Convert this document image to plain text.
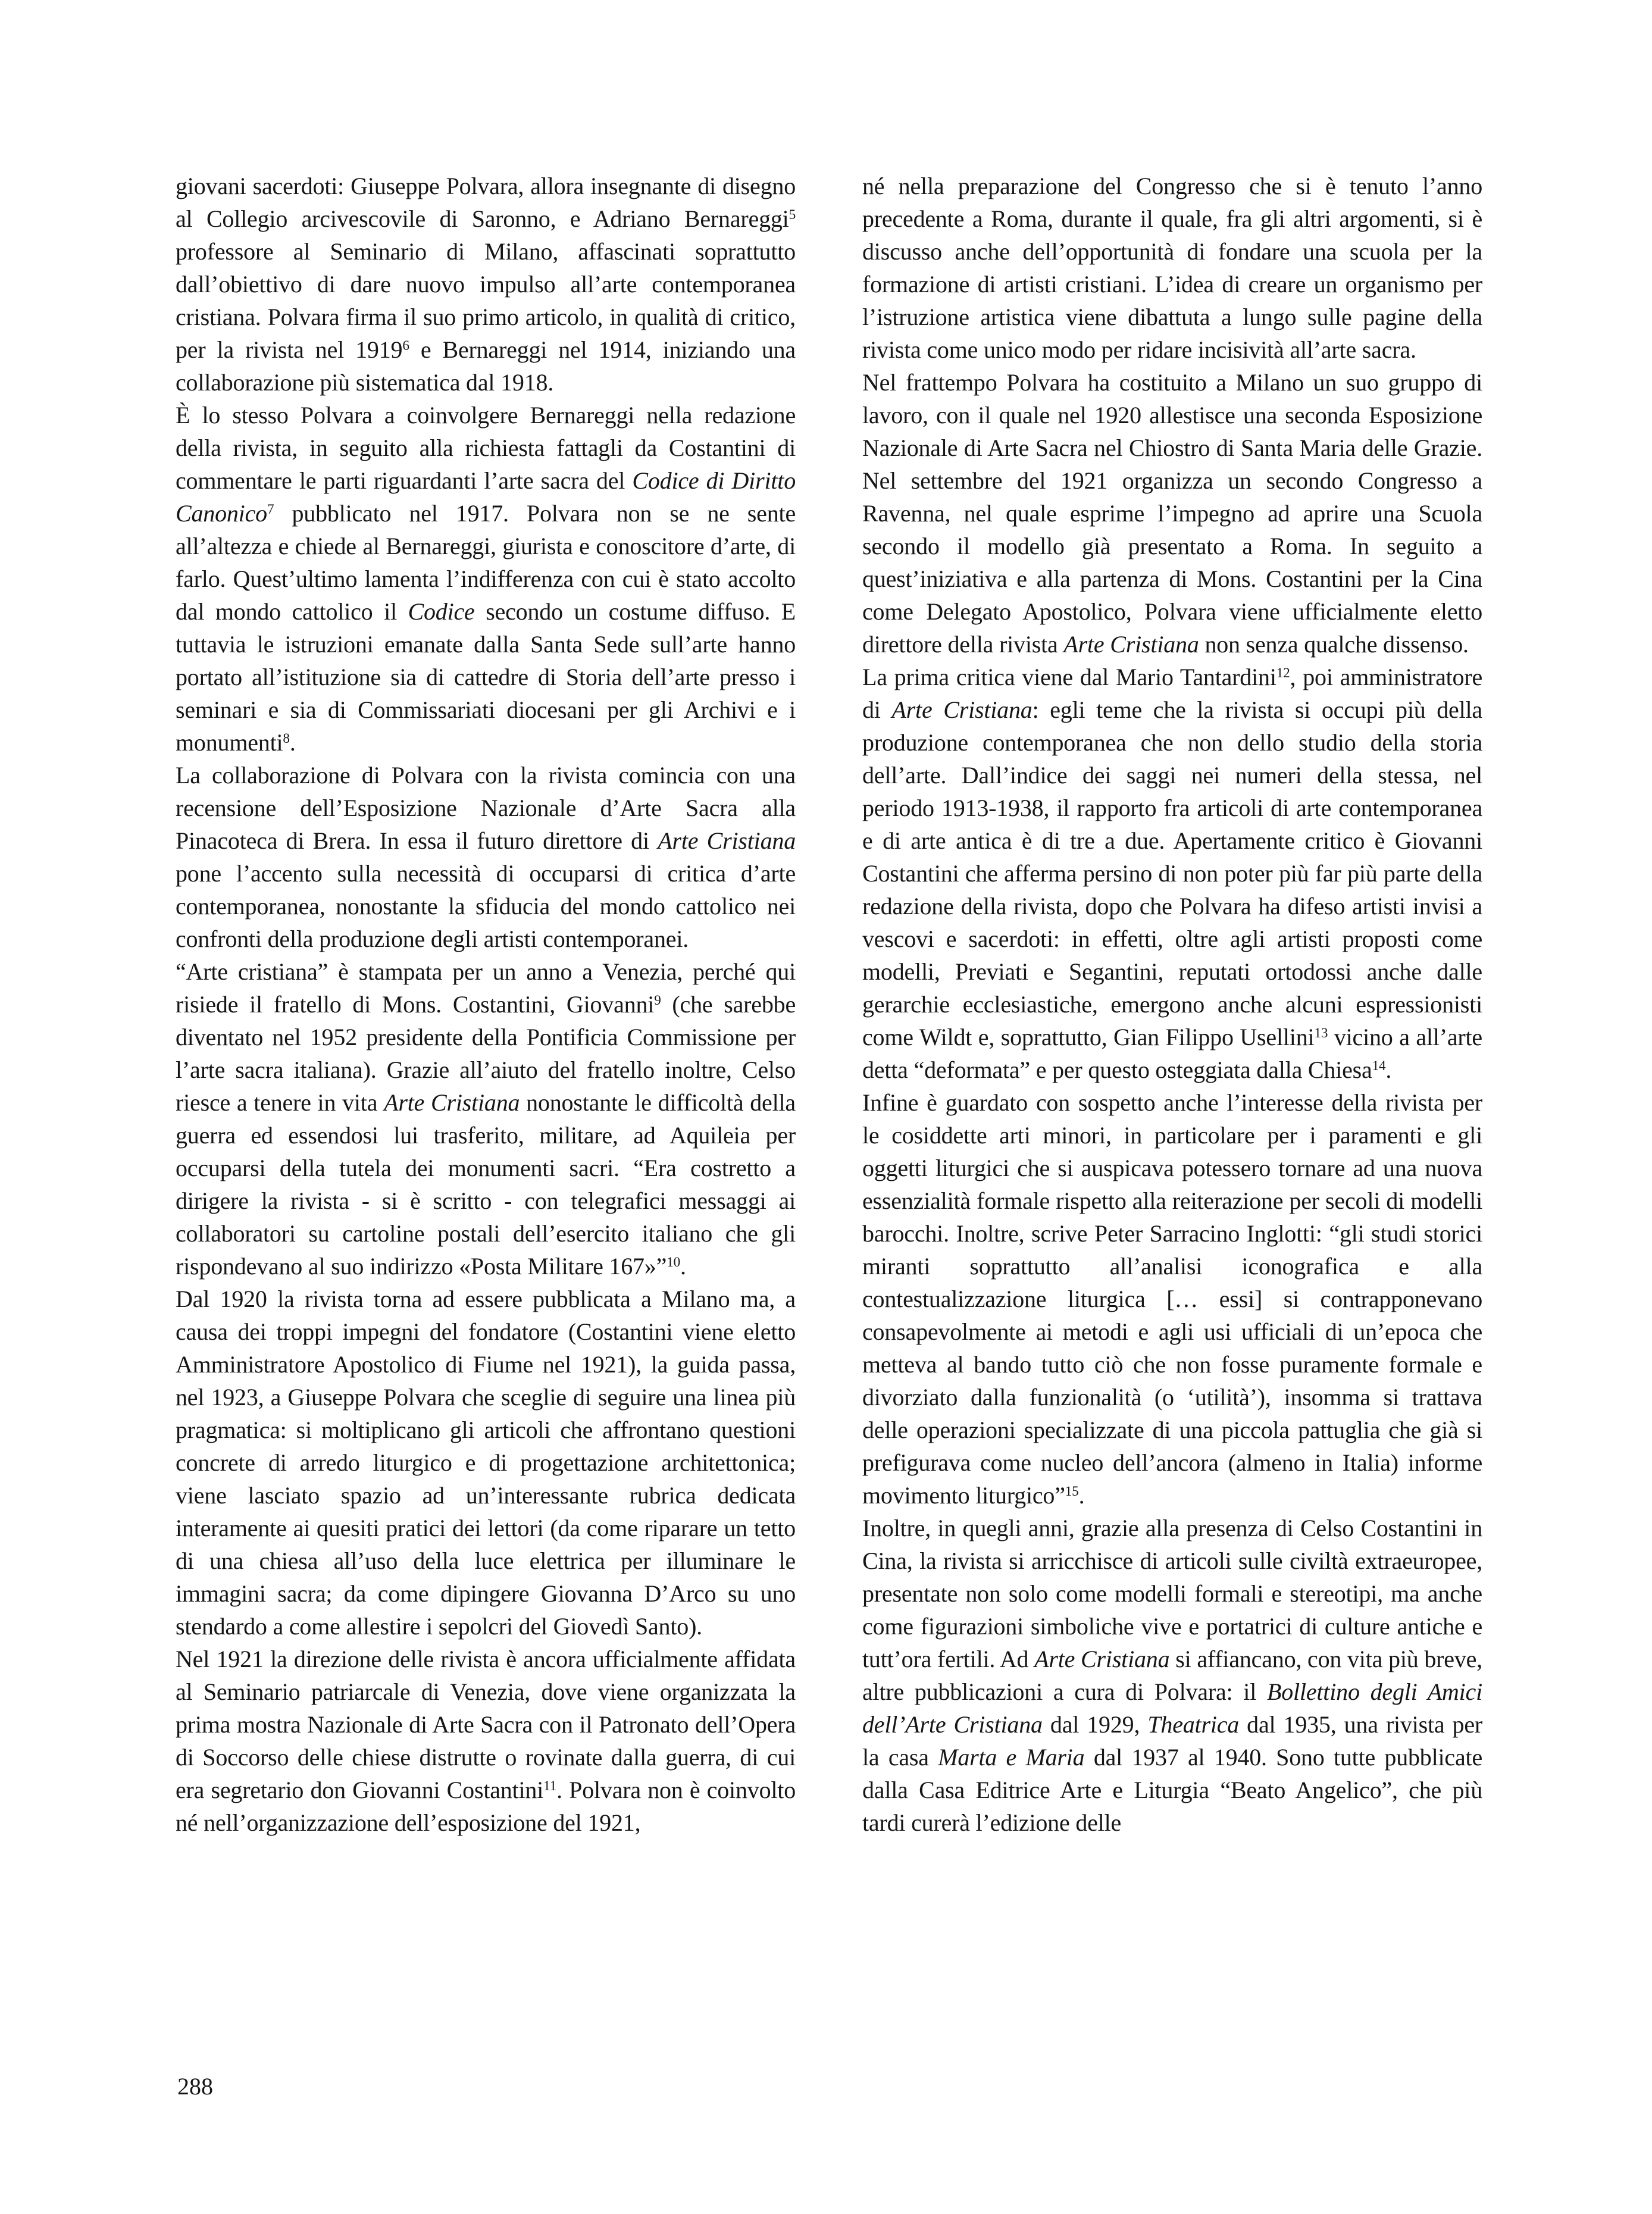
giovani sacerdoti: Giuseppe Polvara, allora insegnante di disegno al Collegio arcivescovile di Saronno, e Adriano Bernareggi$^5$ professore al Seminario di Milano, affascinati soprattutto dall’obiettivo di dare nuovo impulso all’arte contemporanea cristiana. Polvara firma il suo primo articolo, in qualità di critico, per la rivista nel 1919$^6$ e Bernareggi nel 1914, iniziando una collaborazione più sistematica dal 1918.

È lo stesso Polvara a coinvolgere Bernareggi nella redazione della rivista, in seguito alla richiesta fattagli da Costantini di commentare le parti riguardanti l’arte sacra del Codice di Diritto Canonico$^7$ pubblicato nel 1917. Polvara non se ne sente all’altezza e chiede al Bernareggi, giurista e conoscitore d’arte, di farlo. Quest’ultimo lamenta l’indifferenza con cui è stato accolto dal mondo cattolico il Codice secondo un costume diffuso. E tuttavia le istruzioni emanate dalla Santa Sede sull’arte hanno portato all’istituzione sia di cattedre di Storia dell’arte presso i seminari e sia di Commissariati diocesani per gli Archivi e i monumenti$^8$.

La collaborazione di Polvara con la rivista comincia con una recensione dell’Esposizione Nazionale d’Arte Sacra alla Pinacoteca di Brera. In essa il futuro direttore di Arte Cristiana pone l’accento sulla necessità di occuparsi di critica d’arte contemporanea, nonostante la sfiducia del mondo cattolico nei confronti della produzione degli artisti contemporanei.

“Arte cristiana” è stampata per un anno a Venezia, perché qui risiede il fratello di Mons. Costantini, Giovanni$^9$ (che sarebbe diventato nel 1952 presidente della Pontificia Commissione per l’arte sacra italiana). Grazie all’aiuto del fratello inoltre, Celso riesce a tenere in vita Arte Cristiana nonostante le difficoltà della guerra ed essendosi lui trasferito, militare, ad Aquileia per occuparsi della tutela dei monumenti sacri. “Era costretto a dirigere la rivista - si è scritto - con telegrafici messaggi ai collaboratori su cartoline postali dell’esercito italiano che gli rispondevano al suo indirizzo «Posta Militare 167»”$^{10}$.

Dal 1920 la rivista torna ad essere pubblicata a Milano ma, a causa dei troppi impegni del fondatore (Costantini viene eletto Amministratore Apostolico di Fiume nel 1921), la guida passa, nel 1923, a Giuseppe Polvara che sceglie di seguire una linea più pragmatica: si moltiplicano gli articoli che affrontano questioni concrete di arredo liturgico e di progettazione architettonica; viene lasciato spazio ad un’interessante rubrica dedicata interamente ai quesiti pratici dei lettori (da come riparare un tetto di una chiesa all’uso della luce elettrica per illuminare le immagini sacra; da come dipingere Giovanna D’Arco su uno stendardo a come allestire i sepolcri del Giovedì Santo).

Nel 1921 la direzione delle rivista è ancora ufficialmente affidata al Seminario patriarcale di Venezia, dove viene organizzata la prima mostra Nazionale di Arte Sacra con il Patronato dell’Opera di Soccorso delle chiese distrutte o rovinate dalla guerra, di cui era segretario don Giovanni Costantini$^{11}$. Polvara non è coinvolto né nell’organizzazione dell’esposizione del 1921,

né nella preparazione del Congresso che si è tenuto l’anno precedente a Roma, durante il quale, fra gli altri argomenti, si è discusso anche dell’opportunità di fondare una scuola per la formazione di artisti cristiani. L’idea di creare un organismo per l’istruzione artistica viene dibattuta a lungo sulle pagine della rivista come unico modo per ridare incisività all’arte sacra.

Nel frattempo Polvara ha costituito a Milano un suo gruppo di lavoro, con il quale nel 1920 allestisce una seconda Esposizione Nazionale di Arte Sacra nel Chiostro di Santa Maria delle Grazie. Nel settembre del 1921 organizza un secondo Congresso a Ravenna, nel quale esprime l’impegno ad aprire una Scuola secondo il modello già presentato a Roma. In seguito a quest’iniziativa e alla partenza di Mons. Costantini per la Cina come Delegato Apostolico, Polvara viene ufficialmente eletto direttore della rivista Arte Cristiana non senza qualche dissenso.

La prima critica viene dal Mario Tantardini$^{12}$, poi amministratore di Arte Cristiana: egli teme che la rivista si occupi più della produzione contemporanea che non dello studio della storia dell’arte. Dall’indice dei saggi nei numeri della stessa, nel periodo 1913-1938, il rapporto fra articoli di arte contemporanea e di arte antica è di tre a due. Apertamente critico è Giovanni Costantini che afferma persino di non poter più far più parte della redazione della rivista, dopo che Polvara ha difeso artisti invisi a vescovi e sacerdoti: in effetti, oltre agli artisti proposti come modelli, Previati e Segantini, reputati ortodossi anche dalle gerarchie ecclesiastiche, emergono anche alcuni espressionisti come Wildt e, soprattutto, Gian Filippo Usellini$^{13}$ vicino a all’arte detta “deformata” e per questo osteggiata dalla Chiesa$^{14}$.

Infine è guardato con sospetto anche l’interesse della rivista per le cosiddette arti minori, in particolare per i paramenti e gli oggetti liturgici che si auspicava potessero tornare ad una nuova essenzialità formale rispetto alla reiterazione per secoli di modelli barocchi. Inoltre, scrive Peter Sarracino Inglotti: “gli studi storici miranti soprattutto all’analisi iconografica e alla contestualizzazione liturgica [… essi] si contrapponevano consapevolmente ai metodi e agli usi ufficiali di un’epoca che metteva al bando tutto ciò che non fosse puramente formale e divorziato dalla funzionalità (o ‘utilità’), insomma si trattava delle operazioni specializzate di una piccola pattuglia che già si prefigurava come nucleo dell’ancora (almeno in Italia) informe movimento liturgico”$^{15}$.

Inoltre, in quegli anni, grazie alla presenza di Celso Costantini in Cina, la rivista si arricchisce di articoli sulle civiltà extraeuropee, presentate non solo come modelli formali e stereotipi, ma anche come figurazioni simboliche vive e portatrici di culture antiche e tutt’ora fertili. Ad Arte Cristiana si affiancano, con vita più breve, altre pubblicazioni a cura di Polvara: il Bollettino degli Amici dell’Arte Cristiana dal 1929, Theatrica dal 1935, una rivista per la casa Marta e Maria dal 1937 al 1940. Sono tutte pubblicate dalla Casa Editrice Arte e Liturgia “Beato Angelico”, che più tardi curerà l’edizione delle

288
